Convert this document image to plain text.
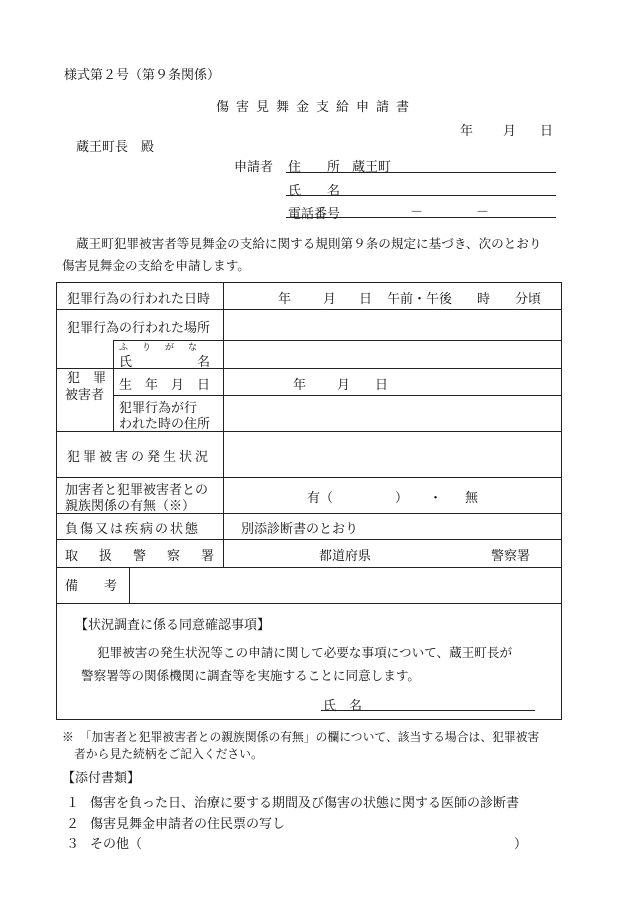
様式第２号（第９条関係）
傷害見舞金支給申請書
年 月 日
蔵王町長　殿
申請者 住　　所 蔵王町
氏　　名
電話番号	－	－
蔵王町犯罪被害者等見舞金の支給に関する規則第９条の規定に基づき、次のとおり
傷害見舞金の支給を申請します。
犯罪行為の行われた日時	年 月 日 午前・午後 時 分頃
犯罪行為の行われた場所
犯　罪
被害者
ふりがな
氏　　　　　名
生　年　月　日	年 月 日
犯罪行為が行
われた時の住所
犯罪被害の発生状況
加害者と犯罪被害者との
親族関係の有無（※）
有（	） ・ 無
負傷又は疾病の状態	別添診断書のとおり
取　扱　警　察　署	都道府県	警察署
備　　考
【状況調査に係る同意確認事項】
犯罪被害の発生状況等この申請に関して必要な事項について、蔵王町長が
警察署等の関係機関に調査等を実施することに同意します。
氏　名
※　「加害者と犯罪被害者との親族関係の有無」の欄について、該当する場合は、犯罪被害
者から見た続柄をご記入ください。
【添付書類】
１ 傷害を負った日、治療に要する期間及び傷害の状態に関する医師の診断書
２ 傷害見舞金申請者の住民票の写し
３ その他（	）
